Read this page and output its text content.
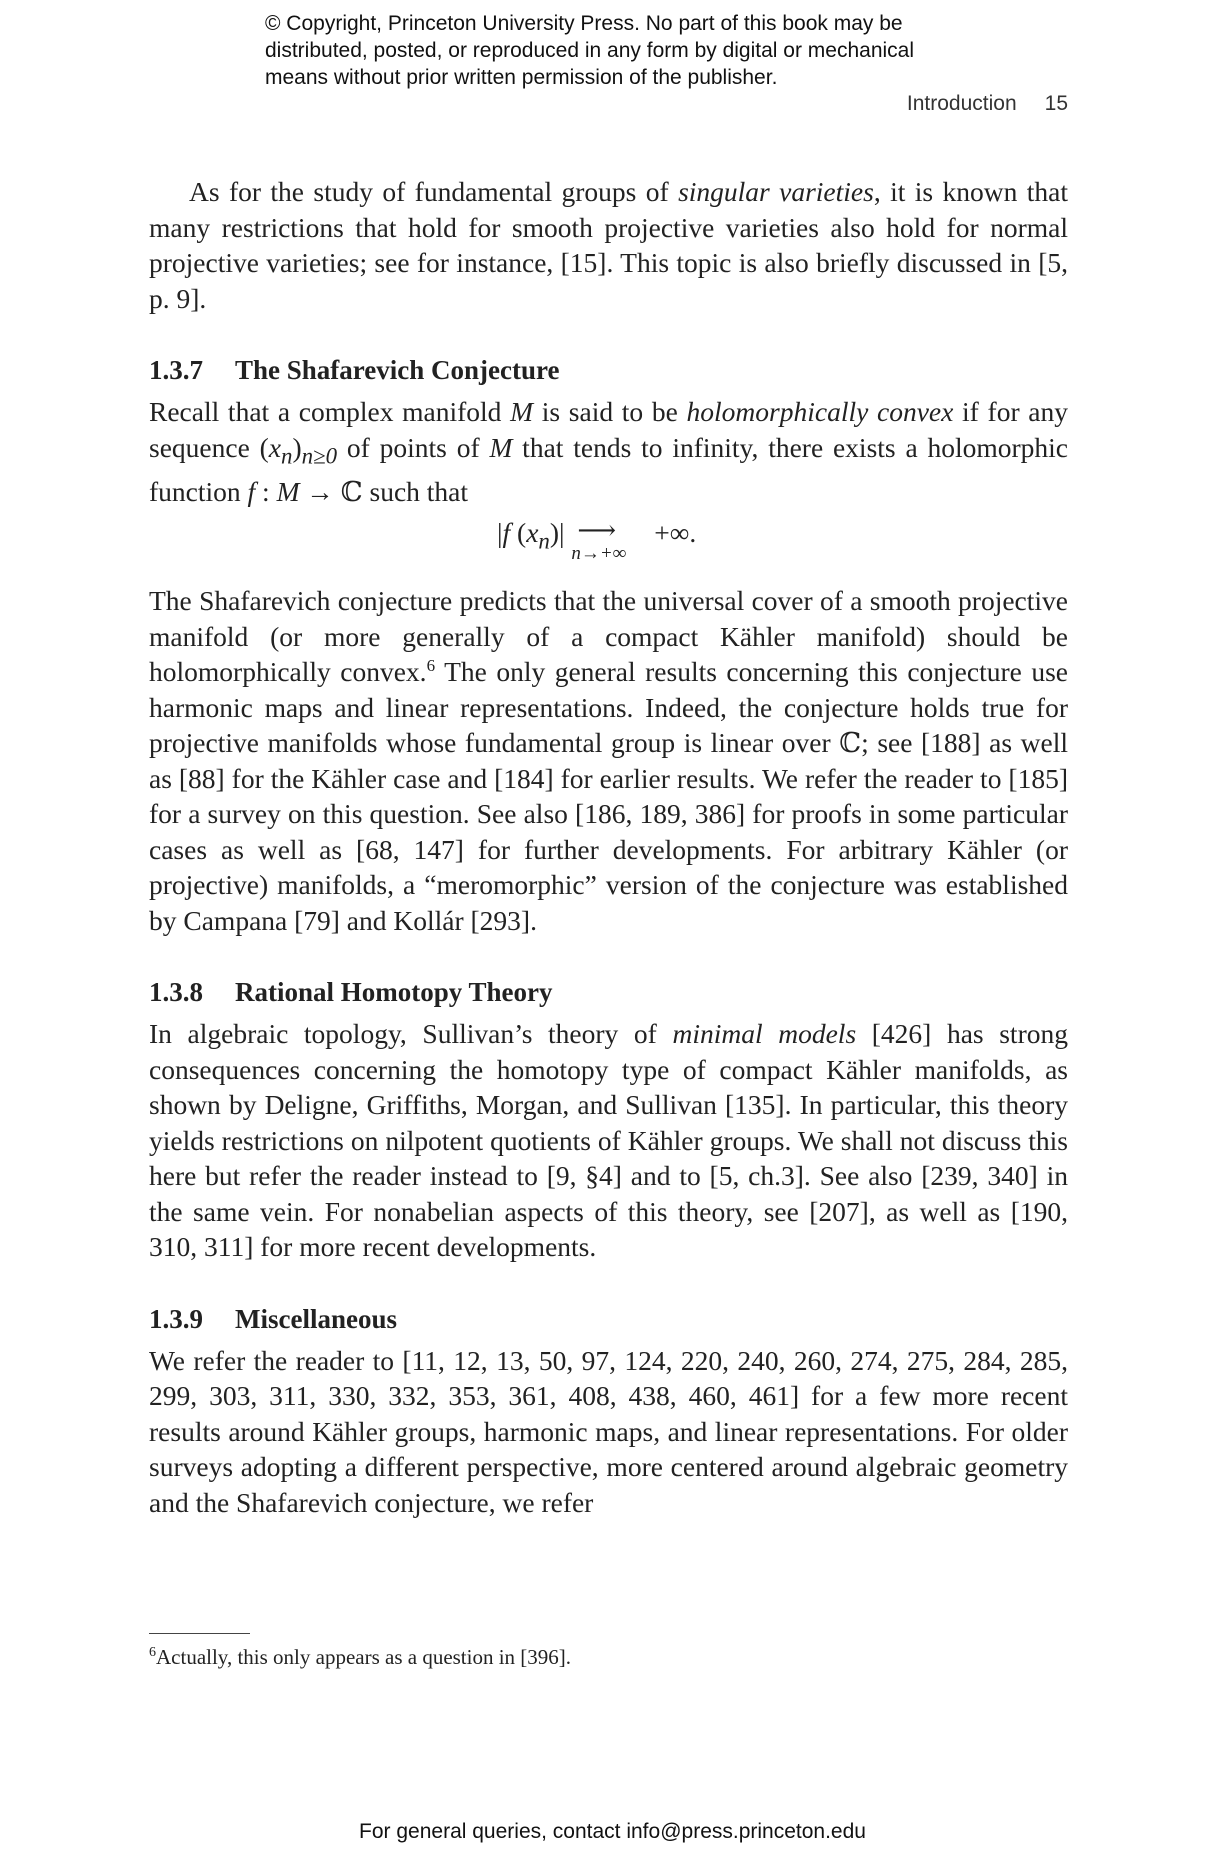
© Copyright, Princeton University Press. No part of this book may be
distributed, posted, or reproduced in any form by digital or mechanical
means without prior written permission of the publisher.
Introduction 15

As for the study of fundamental groups of singular varieties, it is known that many restrictions that hold for smooth projective varieties also hold for normal projective varieties; see for instance, [15]. This topic is also briefly discussed in [5, p. 9].

1.3.7 The Shafarevich Conjecture

Recall that a complex manifold M is said to be holomorphically convex if for any sequence $(x_n)_{n\ge 0}$ of points of M that tends to infinity, there exists a holomorphic function f : M → ℂ such that

|f $(x_n)|$ ⟶
n→+∞
+∞.

The Shafarevich conjecture predicts that the universal cover of a smooth projective manifold (or more generally of a compact Kähler manifold) should be holomorphically convex.$^6$ The only general results concerning this conjecture use harmonic maps and linear representations. Indeed, the conjecture holds true for projective manifolds whose fundamental group is linear over ℂ; see [188] as well as [88] for the Kähler case and [184] for earlier results. We refer the reader to [185] for a survey on this question. See also [186, 189, 386] for proofs in some particular cases as well as [68, 147] for further developments. For arbitrary Kähler (or projective) manifolds, a “meromorphic” version of the conjecture was established by Campana [79] and Kollár [293].

1.3.8 Rational Homotopy Theory

In algebraic topology, Sullivan’s theory of minimal models [426] has strong consequences concerning the homotopy type of compact Kähler manifolds, as shown by Deligne, Griffiths, Morgan, and Sullivan [135]. In particular, this theory yields restrictions on nilpotent quotients of Kähler groups. We shall not discuss this here but refer the reader instead to [9, §4] and to [5, ch.3]. See also [239, 340] in the same vein. For nonabelian aspects of this theory, see [207], as well as [190, 310, 311] for more recent developments.

1.3.9 Miscellaneous

We refer the reader to [11, 12, 13, 50, 97, 124, 220, 240, 260, 274, 275, 284, 285, 299, 303, 311, 330, 332, 353, 361, 408, 438, 460, 461] for a few more recent results around Kähler groups, harmonic maps, and linear representations. For older surveys adopting a different perspective, more centered around algebraic geometry and the Shafarevich conjecture, we refer

$^6$Actually, this only appears as a question in [396].
For general queries, contact info@press.princeton.edu
